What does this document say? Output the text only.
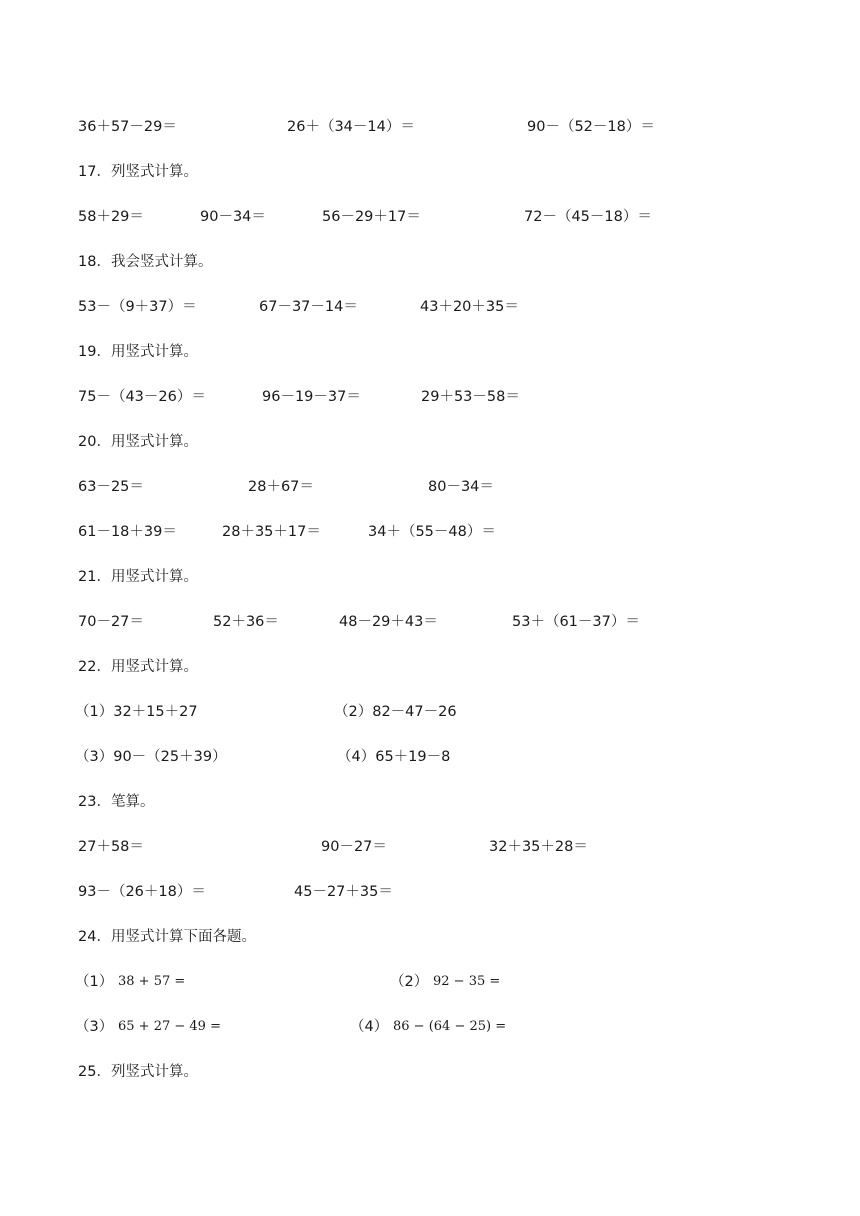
36＋57－29＝	26＋（34－14）＝	90－（52－18）＝
17．列竖式计算。
58＋29＝	90－34＝	56－29＋17＝	72－（45－18）＝
18．我会竖式计算。
53－（9＋37）＝	67－37－14＝	43＋20＋35＝
19．用竖式计算。
75－（43－26）＝	96－19－37＝	29＋53－58＝
20．用竖式计算。
63－25＝	28＋67＝	80－34＝
61－18＋39＝	28＋35＋17＝	34＋（55－48）＝
21．用竖式计算。
70－27＝	52＋36＝	48－29＋43＝	53＋（61－37）＝
22．用竖式计算。
（1）32＋15＋27	（2）82－47－26
（3）90－（25＋39）	（4）65＋19－8
23．笔算。
27＋58＝	90－27＝	32＋35＋28＝
93－（26＋18）＝	45－27＋35＝
24．用竖式计算下面各题。
（1） 38 + 57 =	（2） 92 − 35 =
（3） 65 + 27 − 49 =	（4） 86 − (64 − 25) =
25．列竖式计算。
